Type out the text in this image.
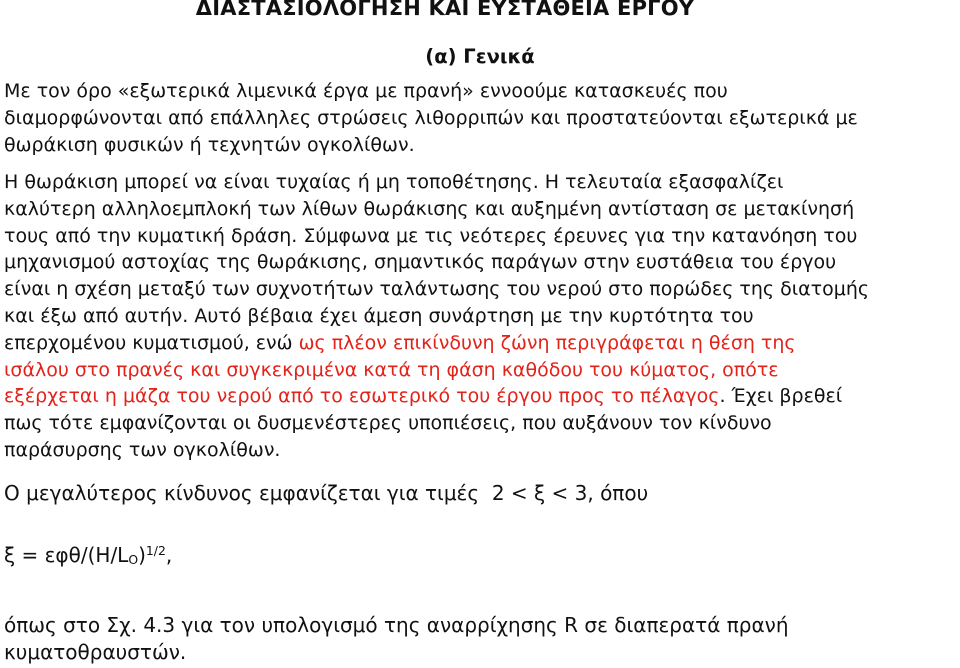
ΔΙΑΣΤΑΣΙΟΛΟΓΗΣΗ ΚΑΙ ΕΥΣΤΑΘΕΙΑ ΕΡΓΟΥ
(α) Γενικά

Με τον όρο «εξωτερικά λιμενικά έργα με πρανή» εννοούμε κατασκευές που
διαμορφώνονται από επάλληλες στρώσεις λιθορριπών και προστατεύονται εξωτερικά με
θωράκιση φυσικών ή τεχνητών ογκολίθων.

Η θωράκιση μπορεί να είναι τυχαίας ή μη τοποθέτησης. Η τελευταία εξασφαλίζει
καλύτερη αλληλοεμπλοκή των λίθων θωράκισης και αυξημένη αντίσταση σε μετακίνησή
τους από την κυματική δράση. Σύμφωνα με τις νεότερες έρευνες για την κατανόηση του
μηχανισμού αστοχίας της θωράκισης, σημαντικός παράγων στην ευστάθεια του έργου
είναι η σχέση μεταξύ των συχνοτήτων ταλάντωσης του νερού στο πορώδες της διατομής
και έξω από αυτήν. Αυτό βέβαια έχει άμεση συνάρτηση με την κυρτότητα του
επερχομένου κυματισμού, ενώ ως πλέον επικίνδυνη ζώνη περιγράφεται η θέση της
ισάλου στο πρανές και συγκεκριμένα κατά τη φάση καθόδου του κύματος, οπότε
εξέρχεται η μάζα του νερού από το εσωτερικό του έργου προς το πέλαγος. Έχει βρεθεί
πως τότε εμφανίζονται οι δυσμενέστερες υποπιέσεις, που αυξάνουν τον κίνδυνο
παράσυρσης των ογκολίθων.

Ο μεγαλύτερος κίνδυνος εμφανίζεται για τιμές  2 < ξ < 3, όπου

ξ = εφθ/$(H/L_O)^{1/2}$,

όπως στο Σχ. 4.3 για τον υπολογισμό της αναρρίχησης R σε διαπερατά πρανή
κυματοθραυστών.
